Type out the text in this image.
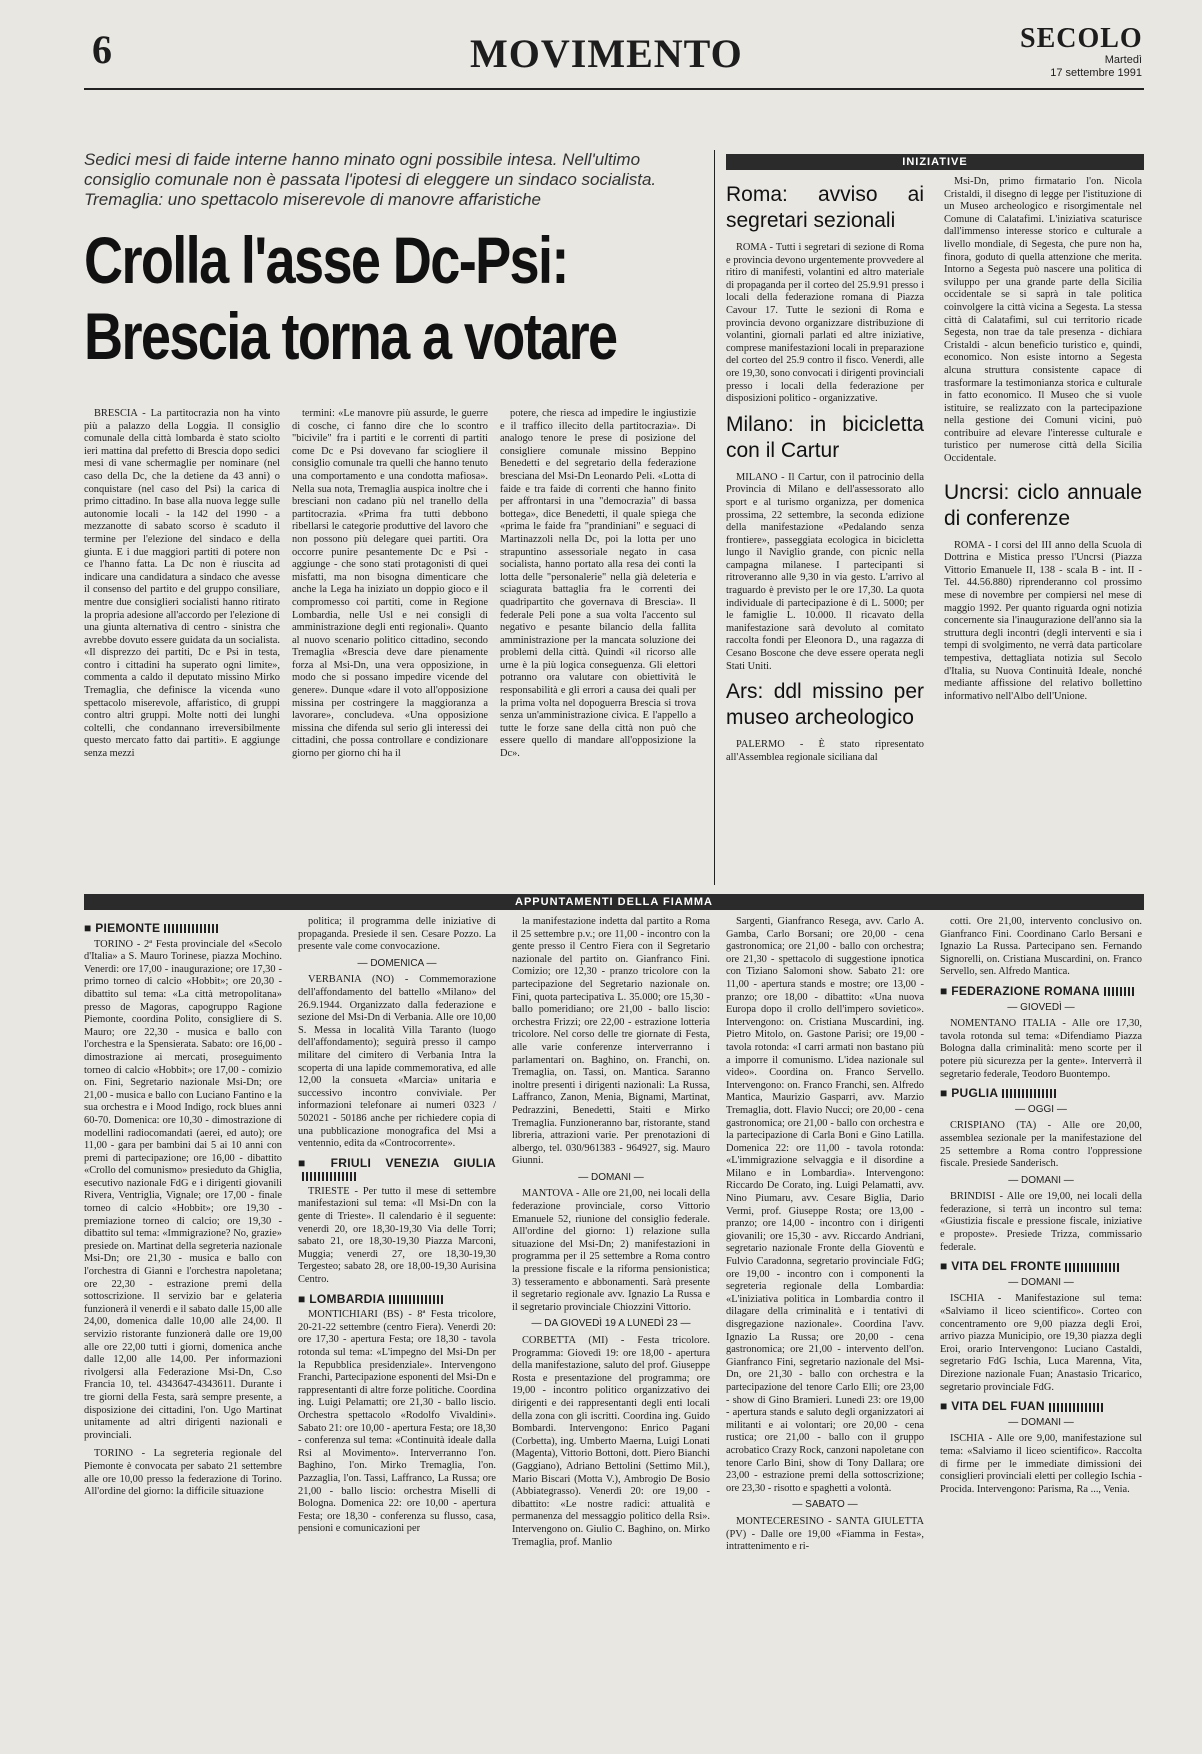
6	MOVIMENTO	SECOLO
Martedì
17 settembre 1991
Sedici mesi di faide interne hanno minato ogni possibile intesa. Nell'ultimo consiglio comunale non è passata l'ipotesi di eleggere un sindaco socialista. Tremaglia: uno spettacolo miserevole di manovre affaristiche
Crolla l'asse Dc-Psi:
Brescia torna a votare

BRESCIA - La partitocrazia non ha vinto più a palazzo della Loggia. Il consiglio comunale della città lombarda è stato sciolto ieri mattina dal prefetto di Brescia dopo sedici mesi di vane schermaglie per nominare (nel caso della Dc, che la detiene da 43 anni) o conquistare (nel caso del Psi) la carica di primo cittadino. In base alla nuova legge sulle autonomie locali - la 142 del 1990 - a mezzanotte di sabato scorso è scaduto il termine per l'elezione del sindaco e della giunta. E i due maggiori partiti di potere non ce l'hanno fatta. La Dc non è riuscita ad indicare una candidatura a sindaco che avesse il consenso del partito e del gruppo consiliare, mentre due consiglieri socialisti hanno ritirato la propria adesione all'accordo per l'elezione di una giunta alternativa di centro - sinistra che avrebbe dovuto essere guidata da un socialista. «Il disprezzo dei partiti, Dc e Psi in testa, contro i cittadini ha superato ogni limite», commenta a caldo il deputato missino Mirko Tremaglia, che definisce la vicenda «uno spettacolo miserevole, affaristico, di gruppi contro altri gruppi. Molte notti dei lunghi coltelli, che condannano irreversibilmente questo mercato fatto dai partiti». E aggiunge senza mezzi

termini: «Le manovre più assurde, le guerre di cosche, ci fanno dire che lo scontro "bicivile" fra i partiti e le correnti di partiti come Dc e Psi dovevano far sciogliere il consiglio comunale tra quelli che hanno tenuto una comportamento e una condotta mafiosa». Nella sua nota, Tremaglia auspica inoltre che i bresciani non cadano più nel tranello della partitocrazia. «Prima fra tutti debbono ribellarsi le categorie produttive del lavoro che non possono più delegare quei partiti. Ora occorre punire pesantemente Dc e Psi - aggiunge - che sono stati protagonisti di quei misfatti, ma non bisogna dimenticare che anche la Lega ha iniziato un doppio gioco e il compromesso coi partiti, come in Regione Lombardia, nelle Usl e nei consigli di amministrazione degli enti regionali». Quanto al nuovo scenario politico cittadino, secondo Tremaglia «Brescia deve dare pienamente forza al Msi-Dn, una vera opposizione, in modo che si possano impedire vicende del genere». Dunque «dare il voto all'opposizione missina per costringere la maggioranza a lavorare», concludeva. «Una opposizione missina che difenda sul serio gli interessi dei cittadini, che possa controllare e condizionare giorno per giorno chi ha il

potere, che riesca ad impedire le ingiustizie e il traffico illecito della partitocrazia». Di analogo tenore le prese di posizione del consigliere comunale missino Beppino Benedetti e del segretario della federazione bresciana del Msi-Dn Leonardo Peli. «Lotta di faide e tra faide di correnti che hanno finito per affrontarsi in una "democrazia" di bassa bottega», dice Benedetti, il quale spiega che «prima le faide fra "prandiniani" e seguaci di Martinazzoli nella Dc, poi la lotta per uno strapuntino assessoriale negato in casa socialista, hanno portato alla resa dei conti la lotta delle "personalerie" nella già deleteria e sciagurata battaglia fra le correnti dei quadripartito che governava di Brescia». Il federale Peli pone a sua volta l'accento sul negativo e pesante bilancio della fallita amministrazione per la mancata soluzione dei problemi della città. Quindi «il ricorso alle urne è la più logica conseguenza. Gli elettori potranno ora valutare con obiettività le responsabilità e gli errori a causa dei quali per la prima volta nel dopoguerra Brescia si trova senza un'amministrazione civica. E l'appello a tutte le forze sane della città non può che essere quello di mandare all'opposizione la Dc».

INIZIATIVE
Roma: avviso ai segretari sezionali

ROMA - Tutti i segretari di sezione di Roma e provincia devono urgentemente provvedere al ritiro di manifesti, volantini ed altro materiale di propaganda per il corteo del 25.9.91 presso i locali della federazione romana di Piazza Cavour 17. Tutte le sezioni di Roma e provincia devono organizzare distribuzione di volantini, giornali parlati ed altre iniziative, comprese manifestazioni locali in preparazione del corteo del 25.9 contro il fisco. Venerdì, alle ore 19,30, sono convocati i dirigenti provinciali presso i locali della federazione per disposizioni politico - organizzative.

Milano: in bicicletta con il Cartur

MILANO - Il Cartur, con il patrocinio della Provincia di Milano e dell'assessorato allo sport e al turismo organizza, per domenica prossima, 22 settembre, la seconda edizione della manifestazione «Pedalando senza frontiere», passeggiata ecologica in bicicletta lungo il Naviglio grande, con picnic nella campagna milanese. I partecipanti si ritroveranno alle 9,30 in via gesto. L'arrivo al traguardo è previsto per le ore 17,30. La quota individuale di partecipazione è di L. 5000; per le famiglie L. 10.000. Il ricavato della manifestazione sarà devoluto al comitato raccolta fondi per Eleonora D., una ragazza di Cesano Boscone che deve essere operata negli Stati Uniti.

Ars: ddl missino per museo archeologico

PALERMO - È stato ripresentato all'Assemblea regionale siciliana dal

Msi-Dn, primo firmatario l'on. Nicola Cristaldi, il disegno di legge per l'istituzione di un Museo archeologico e risorgimentale nel Comune di Calatafimi. L'iniziativa scaturisce dall'immenso interesse storico e culturale a livello mondiale, di Segesta, che pure non ha, finora, goduto di quella attenzione che merita. Intorno a Segesta può nascere una politica di sviluppo per una grande parte della Sicilia occidentale se si saprà in tale politica coinvolgere la città vicina a Segesta. La stessa città di Calatafimi, sul cui territorio ricade Segesta, non trae da tale presenza - dichiara Cristaldi - alcun beneficio turistico e, quindi, economico. Non esiste intorno a Segesta alcuna struttura consistente capace di trasformare la testimonianza storica e culturale in fatto economico. Il Museo che si vuole istituire, se realizzato con la partecipazione nella gestione dei Comuni vicini, può contribuire ad elevare l'interesse culturale e turistico per numerose città della Sicilia Occidentale.

Uncrsi: ciclo annuale di conferenze

ROMA - I corsi del III anno della Scuola di Dottrina e Mistica presso l'Uncrsi (Piazza Vittorio Emanuele II, 138 - scala B - int. II - Tel. 44.56.880) riprenderanno col prossimo mese di novembre per compiersi nel mese di maggio 1992. Per quanto riguarda ogni notizia concernente sia l'inaugurazione dell'anno sia la struttura degli incontri (degli interventi e sia i tempi di svolgimento, ne verrà data particolare tempestiva, dettagliata notizia sul Secolo d'Italia, su Nuova Continuità Ideale, nonché mediante affissione del relativo bollettino informativo nell'Albo dell'Unione.

APPUNTAMENTI DELLA FIAMMA
■ PIEMONTE

TORINO - 2ª Festa provinciale del «Secolo d'Italia» a S. Mauro Torinese, piazza Mochino. Venerdì: ore 17,00 - inaugurazione; ore 17,30 - primo torneo di calcio «Hobbit»; ore 20,30 - dibattito sul tema: «La città metropolitana» presso de Magoras, capogruppo Ragione Piemonte, coordina Polito, consigliere di S. Mauro; ore 22,30 - musica e ballo con l'orchestra e la Spensierata. Sabato: ore 16,00 - dimostrazione ai mercati, proseguimento torneo di calcio «Hobbit»; ore 17,00 - comizio on. Fini, Segretario nazionale Msi-Dn; ore 21,00 - musica e ballo con Luciano Fantino e la sua orchestra e i Mood Indigo, rock blues anni 60-70. Domenica: ore 10,30 - dimostrazione di modellini radiocomandati (aerei, ed auto); ore 11,00 - gara per bambini dai 5 ai 10 anni con premi di partecipazione; ore 16,00 - dibattito «Crollo del comunismo» presieduto da Ghiglia, esecutivo nazionale FdG e i dirigenti giovanili Rivera, Ventriglia, Vignale; ore 17,00 - finale torneo di calcio «Hobbit»; ore 19,30 - premiazione torneo di calcio; ore 19,30 - dibattito sul tema: «Immigrazione? No, grazie» presiede on. Martinat della segreteria nazionale Msi-Dn; ore 21,30 - musica e ballo con l'orchestra di Gianni e l'orchestra napoletana; ore 22,30 - estrazione premi della sottoscrizione. Il servizio bar e gelateria funzionerà il venerdì e il sabato dalle 15,00 alle 24,00, domenica dalle 10,00 alle 24,00. Il servizio ristorante funzionerà dalle ore 19,00 alle ore 22,00 tutti i giorni, domenica anche dalle 12,00 alle 14,00. Per informazioni rivolgersi alla Federazione Msi-Dn, C.so Francia 10, tel. 4343647-4343611. Durante i tre giorni della Festa, sarà sempre presente, a disposizione dei cittadini, l'on. Ugo Martinat unitamente ad altri dirigenti nazionali e provinciali.

TORINO - La segreteria regionale del Piemonte è convocata per sabato 21 settembre alle ore 10,00 presso la federazione di Torino. All'ordine del giorno: la difficile situazione

politica; il programma delle iniziative di propaganda. Presiede il sen. Cesare Pozzo. La presente vale come convocazione.

— DOMENICA —

VERBANIA (NO) - Commemorazione dell'affondamento del battello «Milano» del 26.9.1944. Organizzato dalla federazione e sezione del Msi-Dn di Verbania. Alle ore 10,00 S. Messa in località Villa Taranto (luogo dell'affondamento); seguirà presso il campo militare del cimitero di Verbania Intra la scoperta di una lapide commemorativa, ed alle 12,00 la consueta «Marcia» unitaria e successivo incontro conviviale. Per informazioni telefonare ai numeri 0323 / 502021 - 50186 anche per richiedere copia di una pubblicazione monografica del Msi a ventennio, edita da «Controcorrente».

■ FRIULI VENEZIA GIULIA

TRIESTE - Per tutto il mese di settembre manifestazioni sul tema: «Il Msi-Dn con la gente di Trieste». Il calendario è il seguente: venerdì 20, ore 18,30-19,30 Via delle Torri; sabato 21, ore 18,30-19,30 Piazza Marconi, Muggia; venerdì 27, ore 18,30-19,30 Tergesteo; sabato 28, ore 18,00-19,30 Aurisina Centro.

■ LOMBARDIA

MONTICHIARI (BS) - 8ª Festa tricolore, 20-21-22 settembre (centro Fiera). Venerdì 20: ore 17,30 - apertura Festa; ore 18,30 - tavola rotonda sul tema: «L'impegno del Msi-Dn per la Repubblica presidenziale». Intervengono Franchi, Partecipazione esponenti del Msi-Dn e rappresentanti di altre forze politiche. Coordina ing. Luigi Pelamatti; ore 21,30 - ballo liscio. Orchestra spettacolo «Rodolfo Vivaldini». Sabato 21: ore 10,00 - apertura Festa; ore 18,30 - conferenza sul tema: «Continuità ideale dalla Rsi al Movimento». Interverranno l'on. Baghino, l'on. Mirko Tremaglia, l'on. Pazzaglia, l'on. Tassi, Laffranco, La Russa; ore 21,00 - ballo liscio: orchestra Miselli di Bologna. Domenica 22: ore 10,00 - apertura Festa; ore 18,30 - conferenza su flusso, casa, pensioni e comunicazioni per

la manifestazione indetta dal partito a Roma il 25 settembre p.v.; ore 11,00 - incontro con la gente presso il Centro Fiera con il Segretario nazionale del partito on. Gianfranco Fini. Comizio; ore 12,30 - pranzo tricolore con la partecipazione del Segretario nazionale on. Fini, quota partecipativa L. 35.000; ore 15,30 - ballo pomeridiano; ore 21,00 - ballo liscio: orchestra Frizzi; ore 22,00 - estrazione lotteria tricolore. Nel corso delle tre giornate di Festa, alle varie conferenze interverranno i parlamentari on. Baghino, on. Franchi, on. Tremaglia, on. Tassi, on. Mantica. Saranno inoltre presenti i dirigenti nazionali: La Russa, Laffranco, Zanon, Menia, Bignami, Martinat, Pedrazzini, Benedetti, Staiti e Mirko Tremaglia. Funzioneranno bar, ristorante, stand libreria, attrazioni varie. Per prenotazioni di albergo, tel. 030/961383 - 964927, sig. Mauro Giunni.

— DOMANI —

MANTOVA - Alle ore 21,00, nei locali della federazione provinciale, corso Vittorio Emanuele 52, riunione del consiglio federale. All'ordine del giorno: 1) relazione sulla situazione del Msi-Dn; 2) manifestazioni in programma per il 25 settembre a Roma contro la pressione fiscale e la riforma pensionistica; 3) tesseramento e abbonamenti. Sarà presente il segretario regionale avv. Ignazio La Russa e il segretario provinciale Chiozzini Vittorio.

— DA GIOVEDÌ 19 A LUNEDÌ 23 —

CORBETTA (MI) - Festa tricolore. Programma: Giovedì 19: ore 18,00 - apertura della manifestazione, saluto del prof. Giuseppe Rosta e presentazione del programma; ore 19,00 - incontro politico organizzativo dei dirigenti e dei rappresentanti degli enti locali della zona con gli iscritti. Coordina ing. Guido Bombardi. Intervengono: Enrico Pagani (Corbetta), ing. Umberto Maerna, Luigi Lonati (Magenta), Vittorio Bottoni, dott. Piero Bianchi (Gaggiano), Adriano Bettolini (Settimo Mil.), Mario Biscari (Motta V.), Ambrogio De Bosio (Abbiategrasso). Venerdì 20: ore 19,00 - dibattito: «Le nostre radici: attualità e permanenza del messaggio politico della Rsi». Intervengono on. Giulio C. Baghino, on. Mirko Tremaglia, prof. Manlio

Sargenti, Gianfranco Resega, avv. Carlo A. Gamba, Carlo Borsani; ore 20,00 - cena gastronomica; ore 21,00 - ballo con orchestra; ore 21,30 - spettacolo di suggestione ipnotica con Tiziano Salomoni show. Sabato 21: ore 11,00 - apertura stands e mostre; ore 13,00 - pranzo; ore 18,00 - dibattito: «Una nuova Europa dopo il crollo dell'impero sovietico». Intervengono: on. Cristiana Muscardini, ing. Pietro Mitolo, on. Gastone Parisi; ore 19,00 - tavola rotonda: «I carri armati non bastano più a imporre il comunismo. L'idea nazionale sul video». Coordina on. Franco Servello. Intervengono: on. Franco Franchi, sen. Alfredo Mantica, Maurizio Gasparri, avv. Marzio Tremaglia, dott. Flavio Nucci; ore 20,00 - cena gastronomica; ore 21,00 - ballo con orchestra e la partecipazione di Carla Boni e Gino Latilla. Domenica 22: ore 11,00 - tavola rotonda: «L'immigrazione selvaggia e il disordine a Milano e in Lombardia». Intervengono: Riccardo De Corato, ing. Luigi Pelamatti, avv. Nino Piumaru, avv. Cesare Biglia, Dario Vermi, prof. Giuseppe Rosta; ore 13,00 - pranzo; ore 14,00 - incontro con i dirigenti giovanili; ore 15,30 - avv. Riccardo Andriani, segretario nazionale Fronte della Gioventù e Fulvio Caradonna, segretario provinciale FdG; ore 19,00 - incontro con i componenti la segreteria regionale della Lombardia: «L'iniziativa politica in Lombardia contro il dilagare della criminalità e i tentativi di disgregazione nazionale». Coordina l'avv. Ignazio La Russa; ore 20,00 - cena gastronomica; ore 21,00 - intervento dell'on. Gianfranco Fini, segretario nazionale del Msi-Dn, ore 21,30 - ballo con orchestra e la partecipazione del tenore Carlo Elli; ore 23,00 - show di Gino Bramieri. Lunedì 23: ore 19,00 - apertura stands e saluto degli organizzatori ai militanti e ai volontari; ore 20,00 - cena rustica; ore 21,00 - ballo con il gruppo acrobatico Crazy Rock, canzoni napoletane con tenore Carlo Bini, show di Tony Dallara; ore 23,00 - estrazione premi della sottoscrizione; ore 23,30 - risotto e spaghetti a volontà.

— SABATO —

MONTECERESINO - SANTA GIULETTA (PV) - Dalle ore 19,00 «Fiamma in Festa», intrattenimento e ri-

cotti. Ore 21,00, intervento conclusivo on. Gianfranco Fini. Coordinano Carlo Bersani e Ignazio La Russa. Partecipano sen. Fernando Signorelli, on. Cristiana Muscardini, on. Franco Servello, sen. Alfredo Mantica.

■ FEDERAZIONE ROMANA
— GIOVEDÌ —

NOMENTANO ITALIA - Alle ore 17,30, tavola rotonda sul tema: «Difendiamo Piazza Bologna dalla criminalità: meno scorte per il potere più sicurezza per la gente». Interverrà il segretario federale, Teodoro Buontempo.

■ PUGLIA
— OGGI —

CRISPIANO (TA) - Alle ore 20,00, assemblea sezionale per la manifestazione del 25 settembre a Roma contro l'oppressione fiscale. Presiede Sanderisch.

— DOMANI —

BRINDISI - Alle ore 19,00, nei locali della federazione, si terrà un incontro sul tema: «Giustizia fiscale e pressione fiscale, iniziative e proposte». Presiede Trizza, commissario federale.

■ VITA DEL FRONTE
— DOMANI —

ISCHIA - Manifestazione sul tema: «Salviamo il liceo scientifico». Corteo con concentramento ore 9,00 piazza degli Eroi, arrivo piazza Municipio, ore 19,30 piazza degli Eroi, orario Intervengono: Luciano Castaldi, segretario FdG Ischia, Luca Marenna, Vita, Direzione nazionale Fuan; Anastasio Tricarico, segretario provinciale FdG.

■ VITA DEL FUAN
— DOMANI —

ISCHIA - Alle ore 9,00, manifestazione sul tema: «Salviamo il liceo scientifico». Raccolta di firme per le immediate dimissioni dei consiglieri provinciali eletti per collegio Ischia - Procida. Intervengono: Parisma, Ra ..., Venia.
